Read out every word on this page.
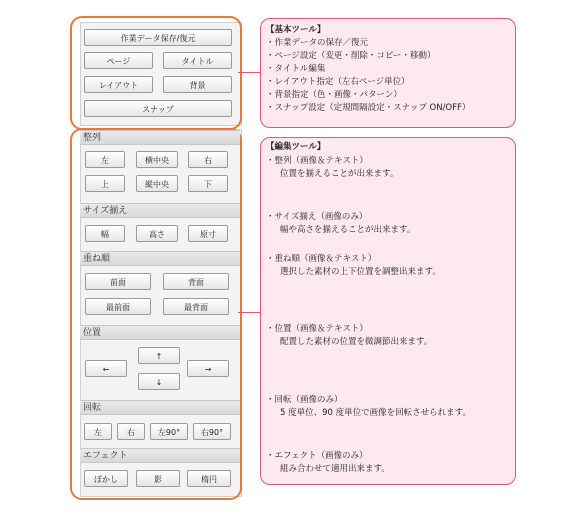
作業データ保存/復元
ページ	タイトル
レイアウト	背景
スナップ
整列
左	横中央	右
上	縦中央	下
サイズ揃え
幅	高さ	原寸
重ね順
前面	背面
最前面	最背面
位置
↑
←	→
↓
回転
左	右	左90°	右90°
エフェクト
ぼかし	影	楕円
【基本ツール】
・作業データの保存／復元
・ページ設定（変更・削除・コピー・移動）
・タイトル編集
・レイアウト指定（左右ページ単位）
・背景指定（色・画像・パターン）
・スナップ設定（定規間隔設定・スナップ ON/OFF）
【編集ツール】
・整列（画像＆テキスト）
位置を揃えることが出来ます。
・サイズ揃え（画像のみ）
幅や高さを揃えることが出来ます。
・重ね順（画像＆テキスト）
選択した素材の上下位置を調整出来ます。
・位置（画像＆テキスト）
配置した素材の位置を微調節出来ます。
・回転（画像のみ）
5 度単位、90 度単位で画像を回転させられます。
・エフェクト（画像のみ）
組み合わせて適用出来ます。
